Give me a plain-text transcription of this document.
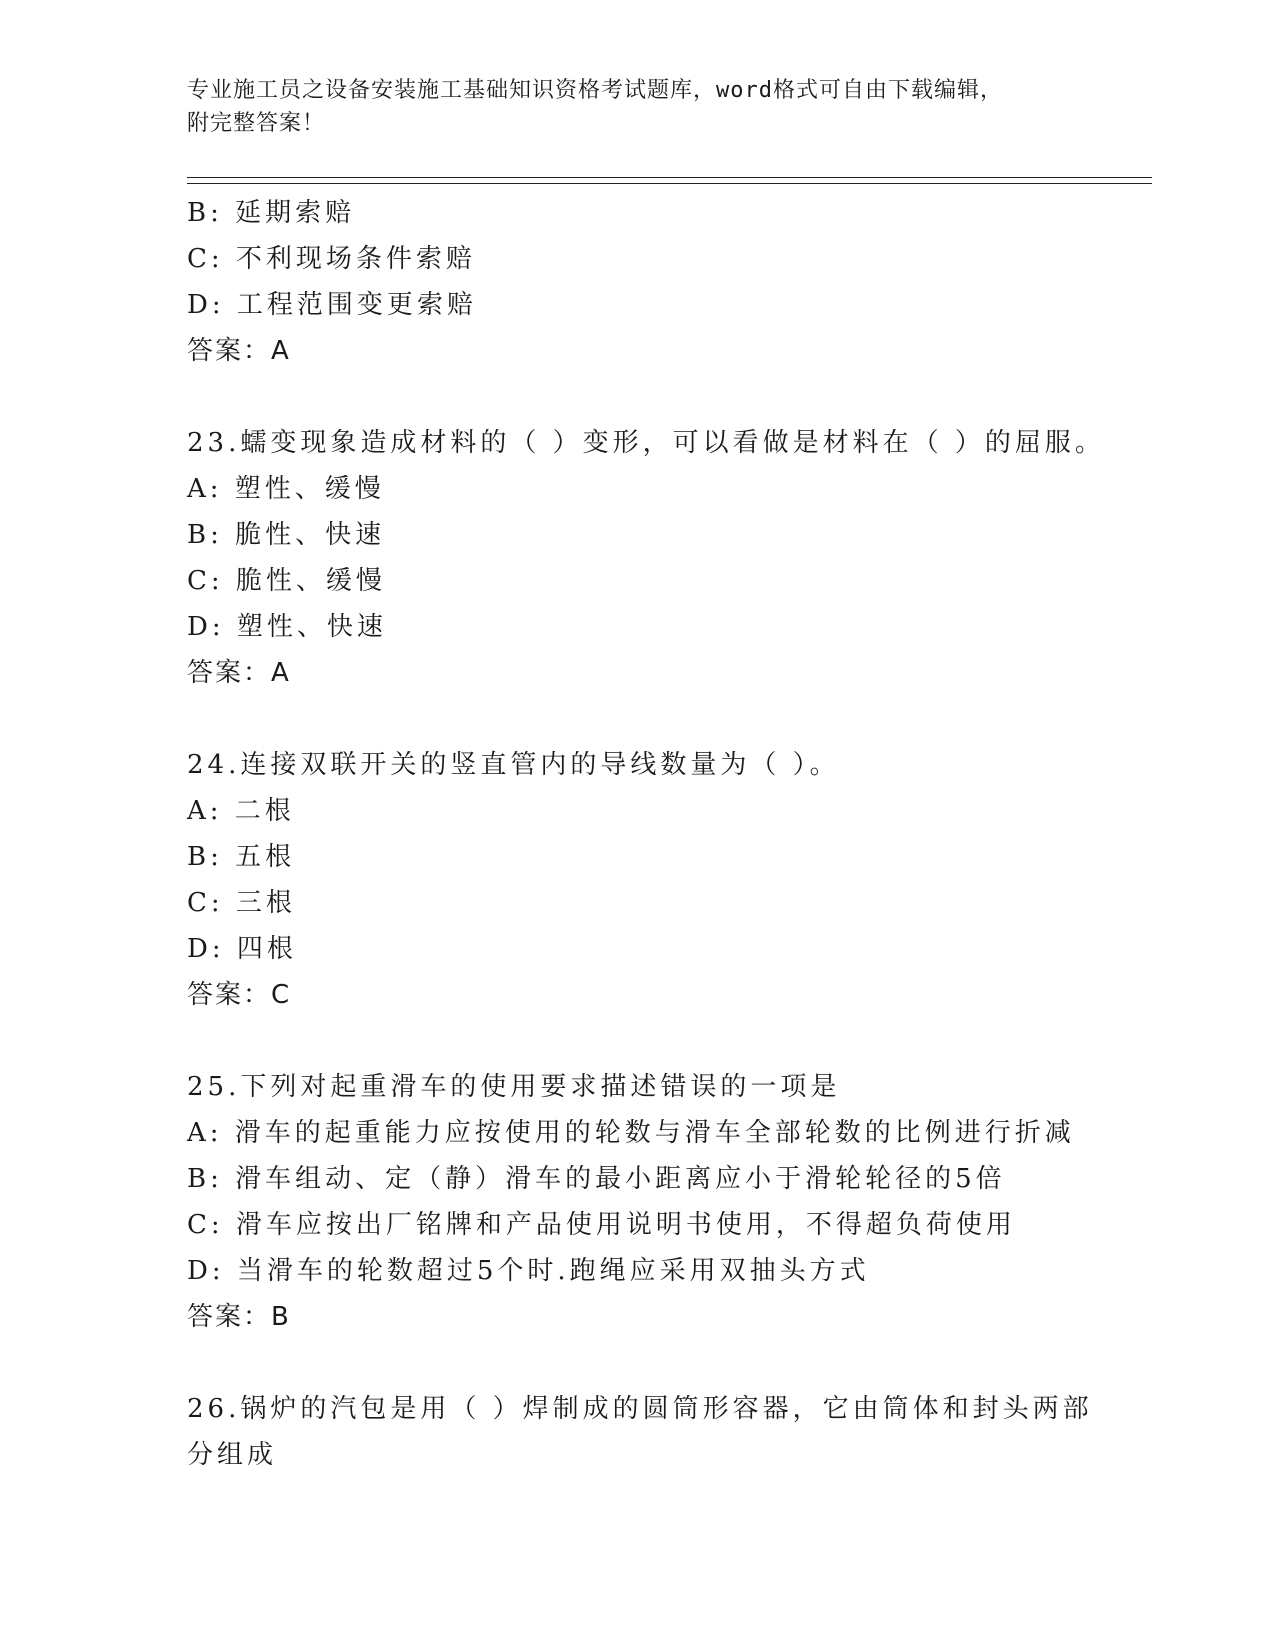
专业施工员之设备安装施工基础知识资格考试题库，word格式可自由下载编辑，
附完整答案！
B: 延期索赔
C: 不利现场条件索赔
D: 工程范围变更索赔
答案：A
23.蠕变现象造成材料的（ ）变形，可以看做是材料在（ ）的屈服。
A: 塑性、缓慢
B: 脆性、快速
C: 脆性、缓慢
D: 塑性、快速
答案：A
24.连接双联开关的竖直管内的导线数量为（ ）。
A: 二根
B: 五根
C: 三根
D: 四根
答案：C
25.下列对起重滑车的使用要求描述错误的一项是
A: 滑车的起重能力应按使用的轮数与滑车全部轮数的比例进行折减
B: 滑车组动、定（静）滑车的最小距离应小于滑轮轮径的5倍
C: 滑车应按出厂铭牌和产品使用说明书使用，不得超负荷使用
D: 当滑车的轮数超过5个时.跑绳应采用双抽头方式
答案：B
26.锅炉的汽包是用（ ）焊制成的圆筒形容器，它由筒体和封头两部
分组成
